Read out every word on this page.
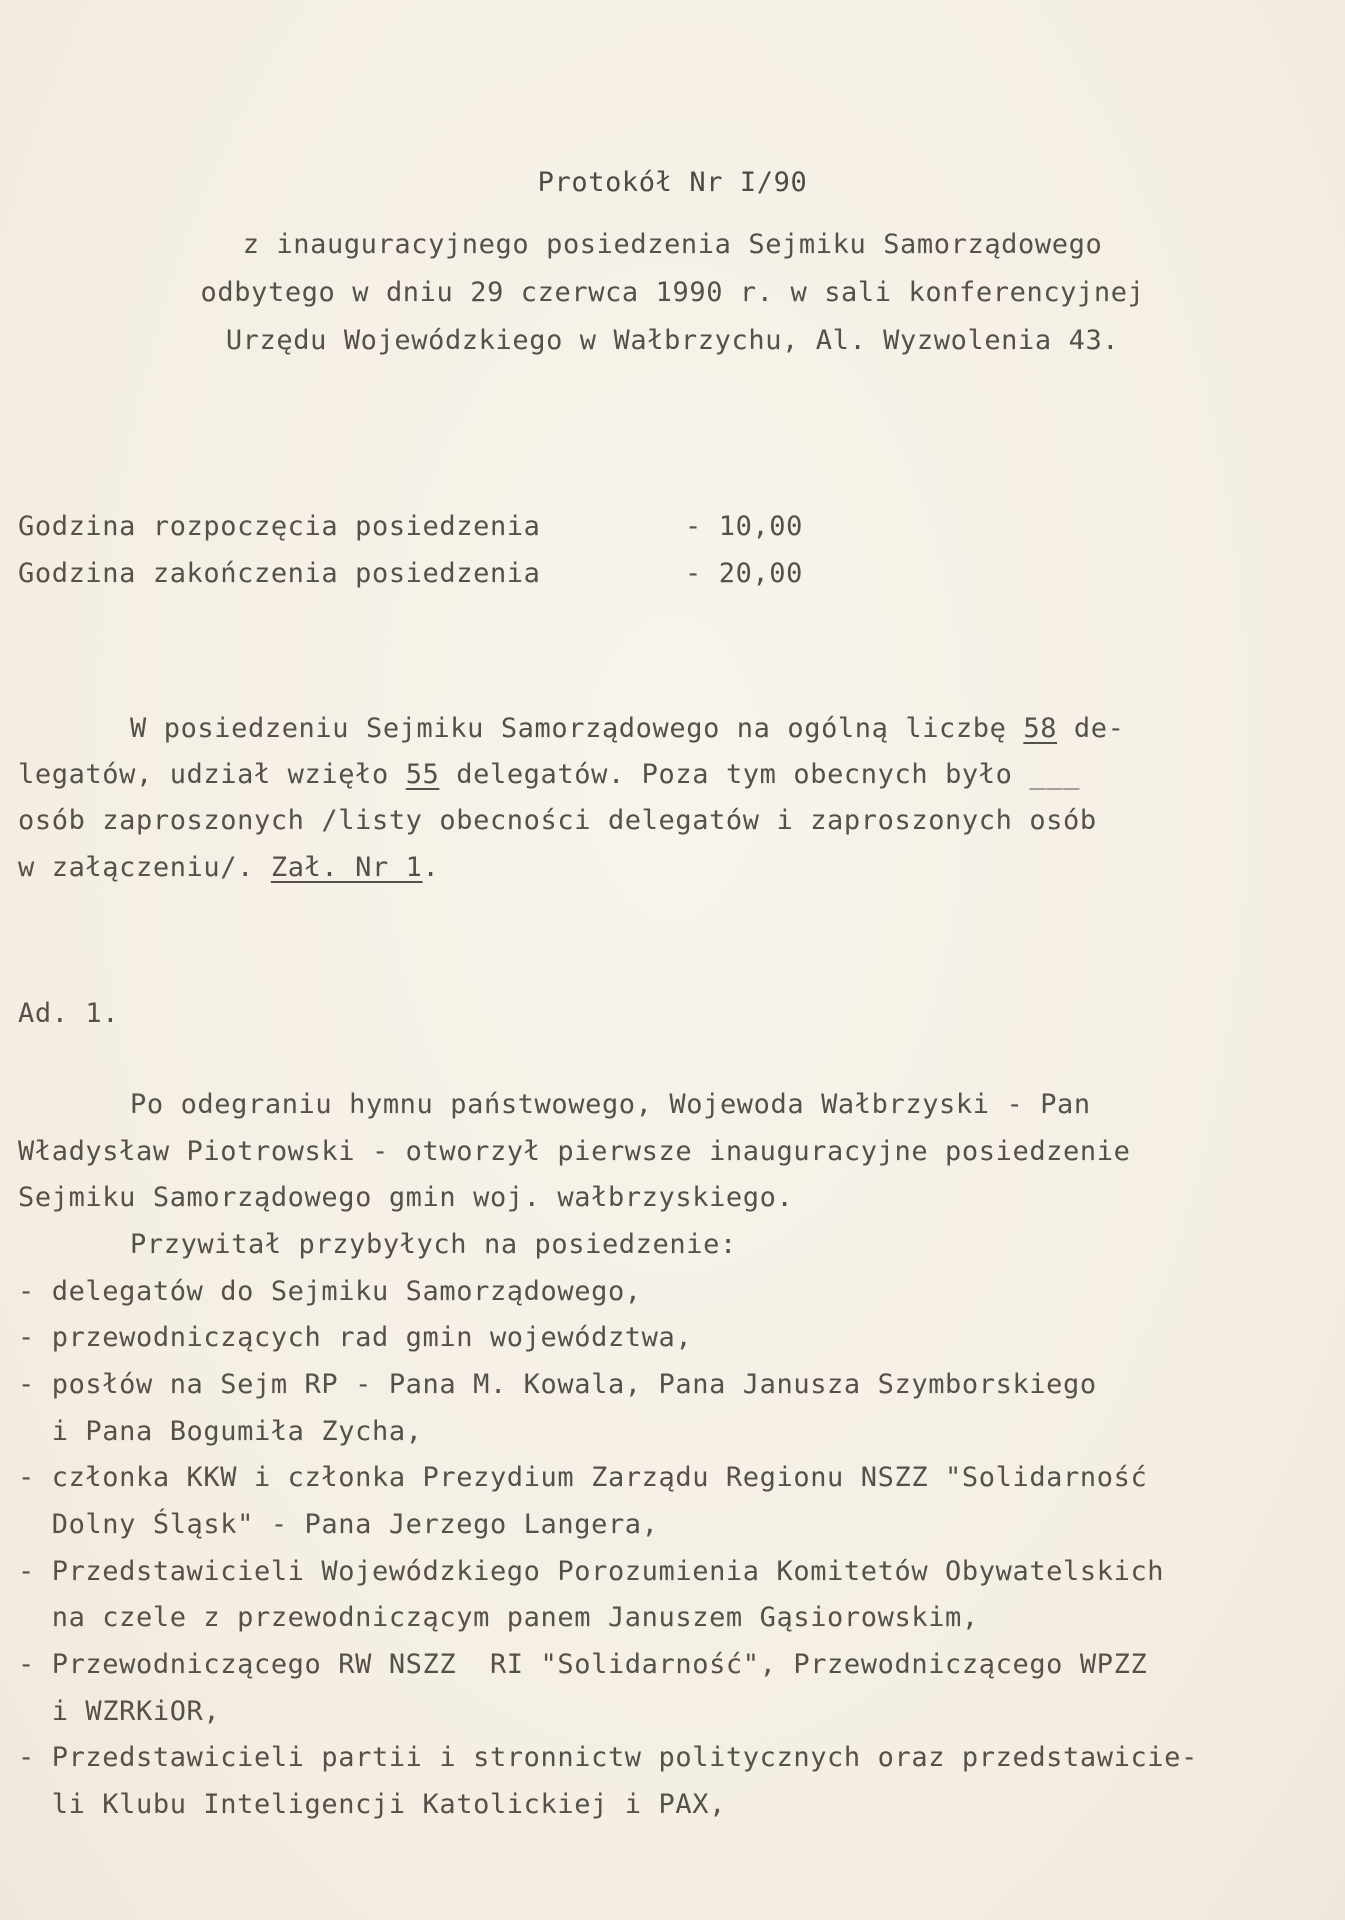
Protokół Nr I/90
z inauguracyjnego posiedzenia Sejmiku Samorządowego
odbytego w dniu 29 czerwca 1990 r. w sali konferencyjnej
Urzędu Wojewódzkiego w Wałbrzychu, Al. Wyzwolenia 43.
Godzina rozpoczęcia posiedzenia	- 10,00
Godzina zakończenia posiedzenia	- 20,00
W posiedzeniu Sejmiku Samorządowego na ogólną liczbę 58 de-
legatów, udział wzięło 55 delegatów. Poza tym obecnych było ___
osób zaproszonych /listy obecności delegatów i zaproszonych osób
w załączeniu/. Zał. Nr 1.
Ad. 1.
Po odegraniu hymnu państwowego, Wojewoda Wałbrzyski - Pan
Władysław Piotrowski - otworzył pierwsze inauguracyjne posiedzenie
Sejmiku Samorządowego gmin woj. wałbrzyskiego.
Przywitał przybyłych na posiedzenie:
- delegatów do Sejmiku Samorządowego,
- przewodniczących rad gmin województwa,
- posłów na Sejm RP - Pana M. Kowala, Pana Janusza Szymborskiego
i Pana Bogumiła Zycha,
- członka KKW i członka Prezydium Zarządu Regionu NSZZ "Solidarność
Dolny Śląsk" - Pana Jerzego Langera,
- Przedstawicieli Wojewódzkiego Porozumienia Komitetów Obywatelskich
na czele z przewodniczącym panem Januszem Gąsiorowskim,
- Przewodniczącego RW NSZZ  RI "Solidarność", Przewodniczącego WPZZ
i WZRKiOR,
- Przedstawicieli partii i stronnictw politycznych oraz przedstawicie-
li Klubu Inteligencji Katolickiej i PAX,
